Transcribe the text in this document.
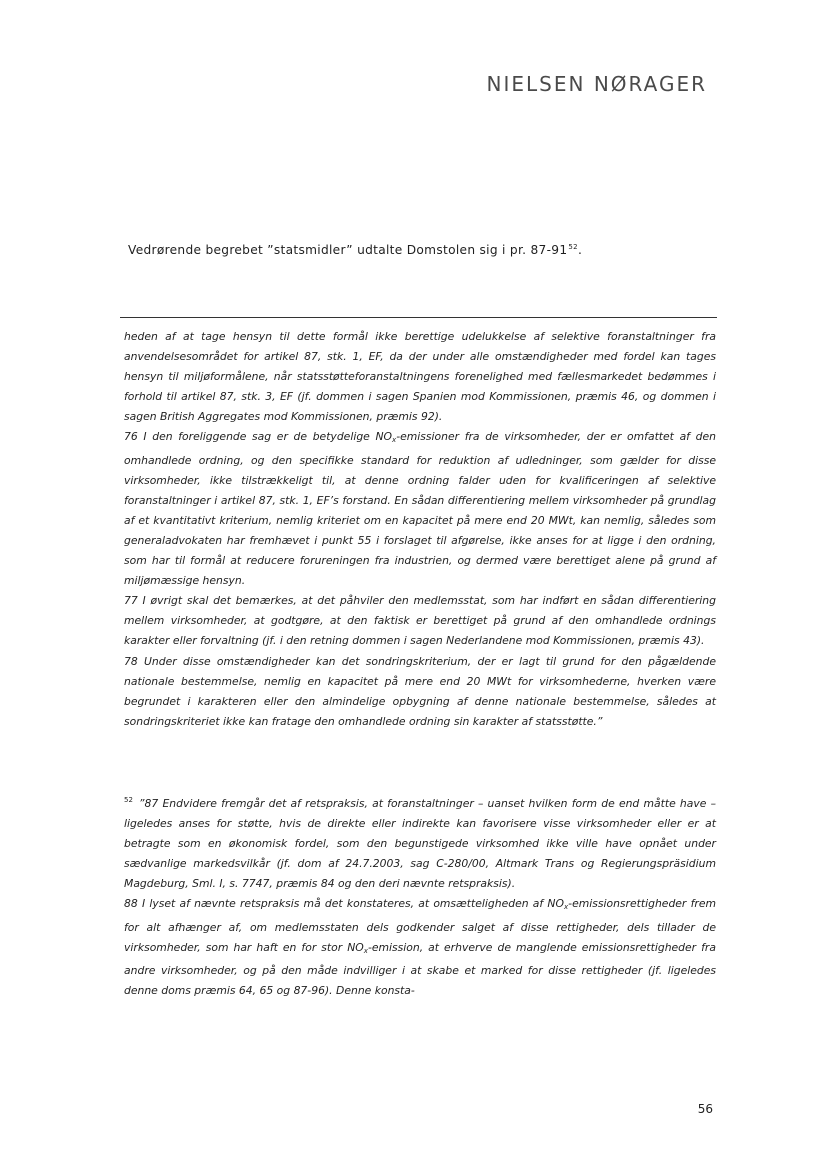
NIELSEN NØRAGER
Vedrørende begrebet ”statsmidler” udtalte Domstolen sig i pr. $87-91^{52}$.

heden af at tage hensyn til dette formål ikke berettige udelukkelse af selektive foranstaltninger fra anvendelsesområdet for artikel 87, stk. 1, EF, da der under alle omstændigheder med fordel kan tages hensyn til miljøformålene, når statsstøtteforanstaltningens forenelighed med fællesmarkedet bedømmes i forhold til artikel 87, stk. 3, EF (jf. dommen i sagen Spanien mod Kommissionen, præmis 46, og dommen i sagen British Aggregates mod Kommissionen, præmis 92).

76 I den foreliggende sag er de betydelige $NO_x$-emissioner fra de virksomheder, der er omfattet af den omhandlede ordning, og den specifikke standard for reduktion af udledninger, som gælder for disse virksomheder, ikke tilstrækkeligt til, at denne ordning falder uden for kvalificeringen af selektive foranstaltninger i artikel 87, stk. 1, EF’s forstand. En sådan differentiering mellem virksomheder på grundlag af et kvantitativt kriterium, nemlig kriteriet om en kapacitet på mere end 20 MWt, kan nemlig, således som generaladvokaten har fremhævet i punkt 55 i forslaget til afgørelse, ikke anses for at ligge i den ordning, som har til formål at reducere forureningen fra industrien, og dermed være berettiget alene på grund af miljømæssige hensyn.

77 I øvrigt skal det bemærkes, at det påhviler den medlemsstat, som har indført en sådan differentiering mellem virksomheder, at godtgøre, at den faktisk er berettiget på grund af den omhandlede ordnings karakter eller forvaltning (jf. i den retning dommen i sagen Nederlandene mod Kommissionen, præmis 43).

78 Under disse omstændigheder kan det sondringskriterium, der er lagt til grund for den pågældende nationale bestemmelse, nemlig en kapacitet på mere end 20 MWt for virksomhederne, hverken være begrundet i karakteren eller den almindelige opbygning af denne nationale bestemmelse, således at sondringskriteriet ikke kan fratage den omhandlede ordning sin karakter af statsstøtte.”

$^{52}$ ”87 Endvidere fremgår det af retspraksis, at foranstaltninger – uanset hvilken form de end måtte have – ligeledes anses for støtte, hvis de direkte eller indirekte kan favorisere visse virksomheder eller er at betragte som en økonomisk fordel, som den begunstigede virksomhed ikke ville have opnået under sædvanlige markedsvilkår (jf. dom af 24.7.2003, sag C-280/00, Altmark Trans og Regierungspräsidium Magdeburg, Sml. I, s. 7747, præmis 84 og den deri nævnte retspraksis).

88 I lyset af nævnte retspraksis må det konstateres, at omsætteligheden af $NO_x$-emissionsrettigheder frem for alt afhænger af, om medlemsstaten dels godkender salget af disse rettigheder, dels tillader de virksomheder, som har haft en for stor $NO_x$-emission, at erhverve de manglende emissionsrettigheder fra andre virksomheder, og på den måde indvilliger i at skabe et marked for disse rettigheder (jf. ligeledes denne doms præmis 64, 65 og 87-96). Denne konsta-

56
